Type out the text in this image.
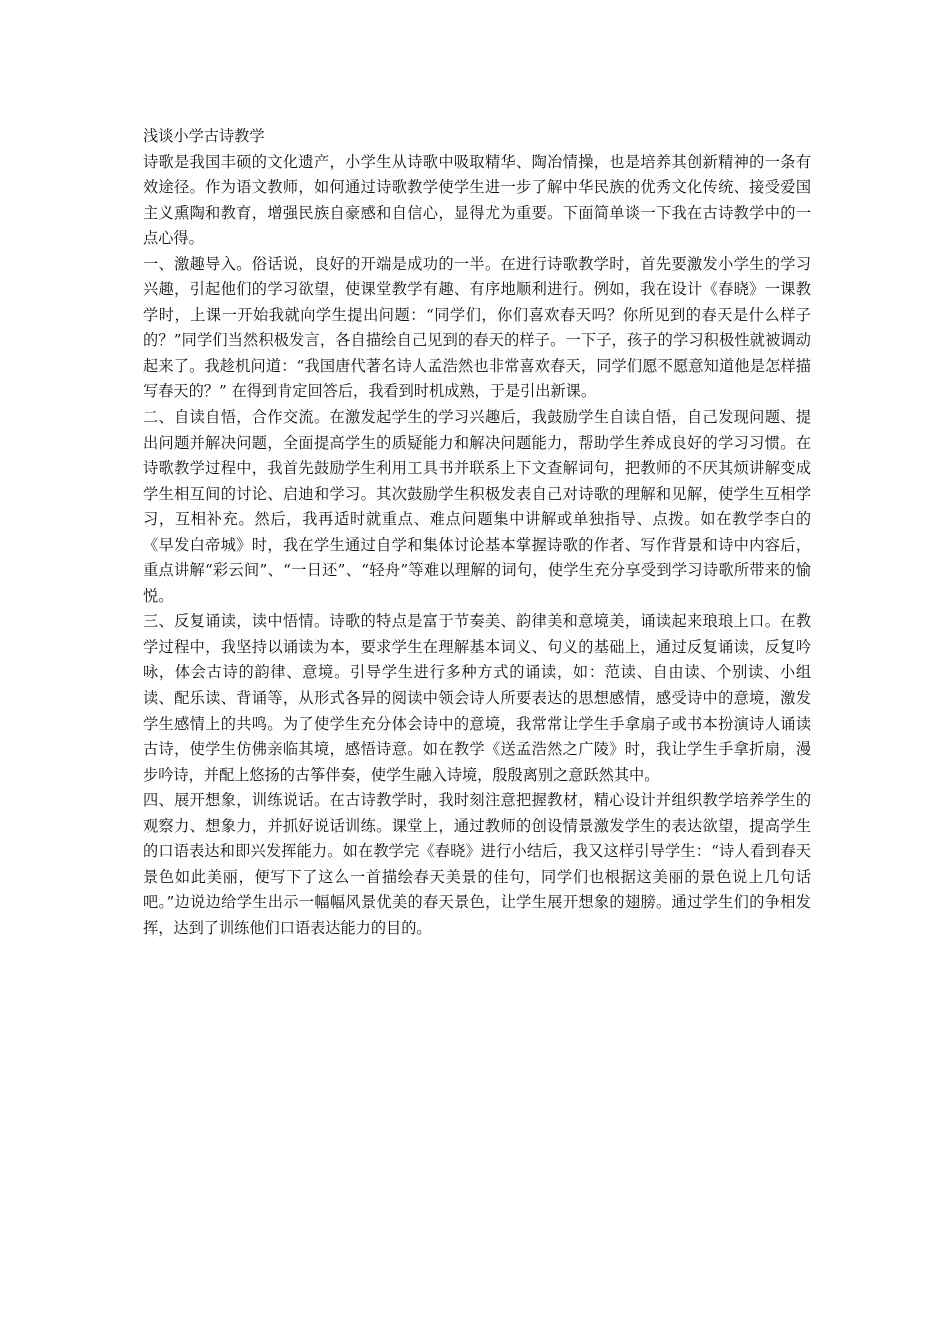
浅谈小学古诗教学

诗歌是我国丰硕的文化遗产，小学生从诗歌中吸取精华、陶冶情操，也是培养其创新精神的一条有效途径。作为语文教师，如何通过诗歌教学使学生进一步了解中华民族的优秀文化传统、接受爱国主义熏陶和教育，增强民族自豪感和自信心，显得尤为重要。下面简单谈一下我在古诗教学中的一点心得。

一、激趣导入。俗话说，良好的开端是成功的一半。在进行诗歌教学时，首先要激发小学生的学习兴趣，引起他们的学习欲望，使课堂教学有趣、有序地顺利进行。例如，我在设计《春晓》一课教学时，上课一开始我就向学生提出问题：“同学们，你们喜欢春天吗？你所见到的春天是什么样子的？”同学们当然积极发言，各自描绘自己见到的春天的样子。一下子，孩子的学习积极性就被调动起来了。我趁机问道：“我国唐代著名诗人孟浩然也非常喜欢春天，同学们愿不愿意知道他是怎样描写春天的？” 在得到肯定回答后，我看到时机成熟，于是引出新课。

二、自读自悟，合作交流。在激发起学生的学习兴趣后，我鼓励学生自读自悟，自己发现问题、提出问题并解决问题，全面提高学生的质疑能力和解决问题能力，帮助学生养成良好的学习习惯。在诗歌教学过程中，我首先鼓励学生利用工具书并联系上下文查解词句，把教师的不厌其烦讲解变成学生相互间的讨论、启迪和学习。其次鼓励学生积极发表自己对诗歌的理解和见解，使学生互相学习，互相补充。然后，我再适时就重点、难点问题集中讲解或单独指导、点拨。如在教学李白的《早发白帝城》时，我在学生通过自学和集体讨论基本掌握诗歌的作者、写作背景和诗中内容后，重点讲解“彩云间”、“一日还”、“轻舟”等难以理解的词句，使学生充分享受到学习诗歌所带来的愉悦。

三、反复诵读，读中悟情。诗歌的特点是富于节奏美、韵律美和意境美，诵读起来琅琅上口。在教学过程中，我坚持以诵读为本，要求学生在理解基本词义、句义的基础上，通过反复诵读，反复吟咏，体会古诗的韵律、意境。引导学生进行多种方式的诵读，如：范读、自由读、个别读、小组读、配乐读、背诵等，从形式各异的阅读中领会诗人所要表达的思想感情，感受诗中的意境，激发学生感情上的共鸣。为了使学生充分体会诗中的意境，我常常让学生手拿扇子或书本扮演诗人诵读古诗，使学生仿佛亲临其境，感悟诗意。如在教学《送孟浩然之广陵》时，我让学生手拿折扇，漫步吟诗，并配上悠扬的古筝伴奏，使学生融入诗境，殷殷离别之意跃然其中。

四、展开想象，训练说话。在古诗教学时，我时刻注意把握教材，精心设计并组织教学培养学生的观察力、想象力，并抓好说话训练。课堂上，通过教师的创设情景激发学生的表达欲望，提高学生的口语表达和即兴发挥能力。如在教学完《春晓》进行小结后，我又这样引导学生：“诗人看到春天景色如此美丽，便写下了这么一首描绘春天美景的佳句，同学们也根据这美丽的景色说上几句话吧。”边说边给学生出示一幅幅风景优美的春天景色，让学生展开想象的翅膀。通过学生们的争相发挥，达到了训练他们口语表达能力的目的。
